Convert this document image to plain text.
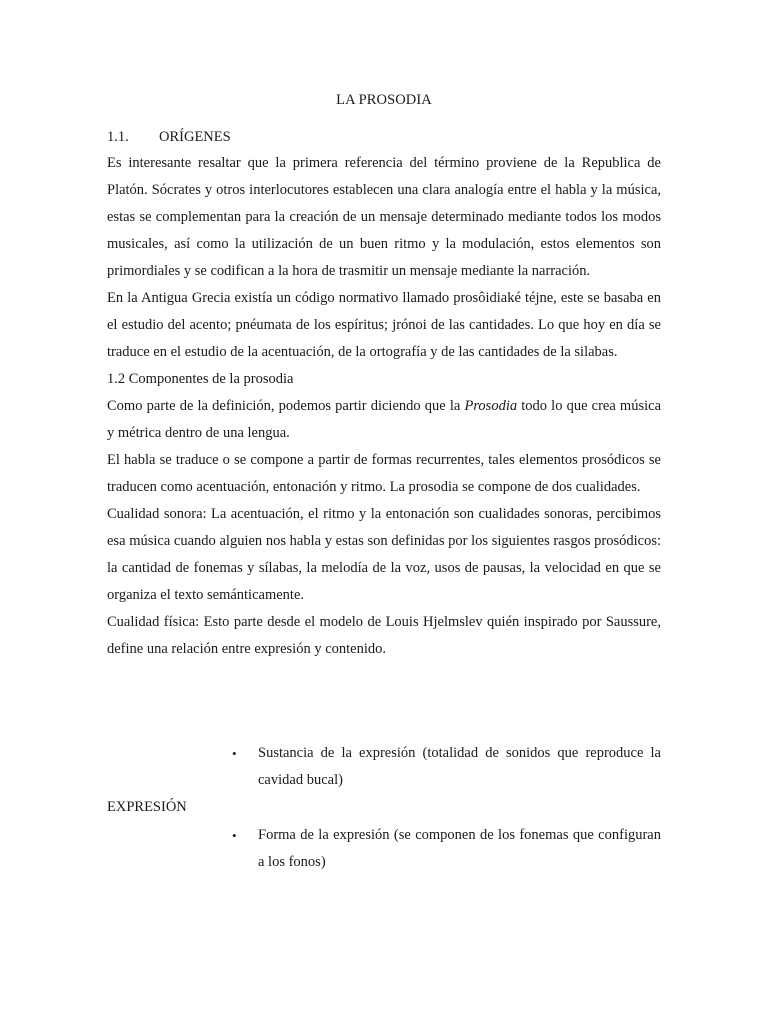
LA PROSODIA
1.1. ORÍGENES

Es interesante resaltar que la primera referencia del término proviene de la Republica de Platón. Sócrates y otros interlocutores establecen una clara analogía entre el habla y la música, estas se complementan para la creación de un mensaje determinado mediante todos los modos musicales, así como la utilización de un buen ritmo y la modulación, estos elementos son primordiales y se codifican a la hora de trasmitir un mensaje mediante la narración.

En la Antigua Grecia existía un código normativo llamado prosôidiaké téjne, este se basaba en el estudio del acento; pnéumata de los espíritus; jrónoi de las cantidades. Lo que hoy en día se traduce en el estudio de la acentuación, de la ortografía y de las cantidades de la silabas.

1.2 Componentes de la prosodia

Como parte de la definición, podemos partir diciendo que la Prosodia todo lo que crea música y métrica dentro de una lengua.

El habla se traduce o se compone a partir de formas recurrentes, tales elementos prosódicos se traducen como acentuación, entonación y ritmo. La prosodia se compone de dos cualidades.

Cualidad sonora: La acentuación, el ritmo y la entonación son cualidades sonoras, percibimos esa música cuando alguien nos habla y estas son definidas por los siguientes rasgos prosódicos: la cantidad de fonemas y sílabas, la melodía de la voz, usos de pausas, la velocidad en que se organiza el texto semánticamente.

Cualidad física: Esto parte desde el modelo de Louis Hjelmslev quién inspirado por Saussure, define una relación entre expresión y contenido.

• Sustancia de la expresión (totalidad de sonidos que reproduce la cavidad bucal)
EXPRESIÓN
• Forma de la expresión (se componen de los fonemas que configuran a los fonos)
